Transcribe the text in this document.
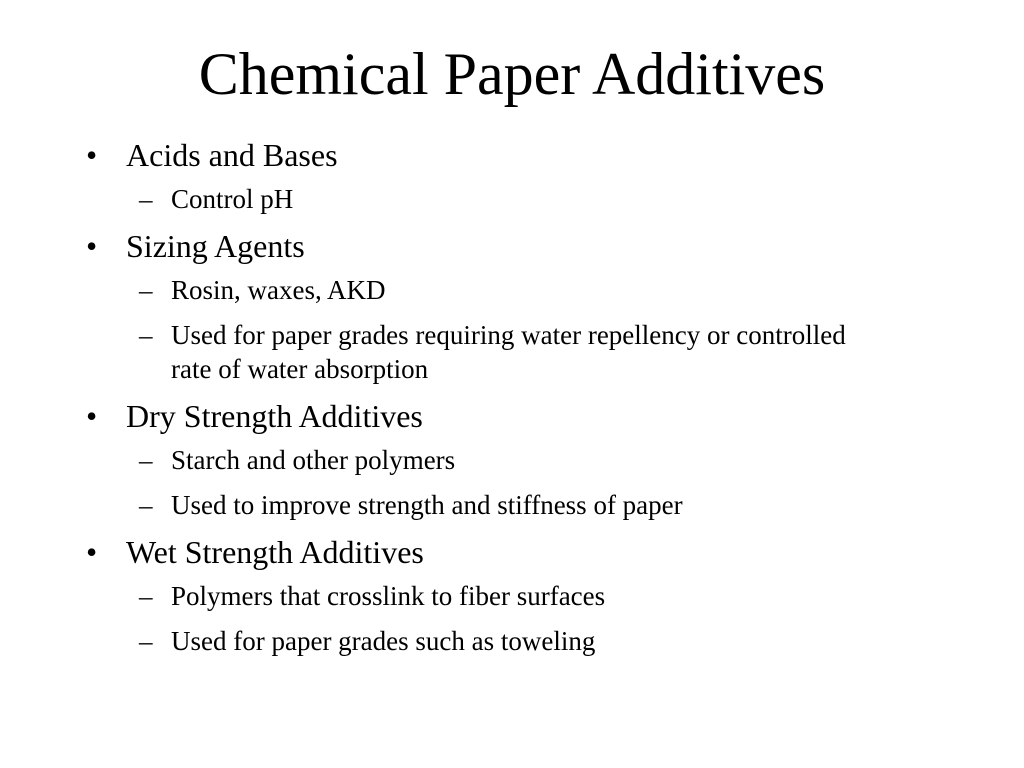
Chemical Paper Additives
• Acids and Bases
– Control pH
• Sizing Agents
– Rosin, waxes, AKD
– Used for paper grades requiring water repellency or controlled rate of water absorption
• Dry Strength Additives
– Starch and other polymers
– Used to improve strength and stiffness of paper
• Wet Strength Additives
– Polymers that crosslink to fiber surfaces
– Used for paper grades such as toweling
